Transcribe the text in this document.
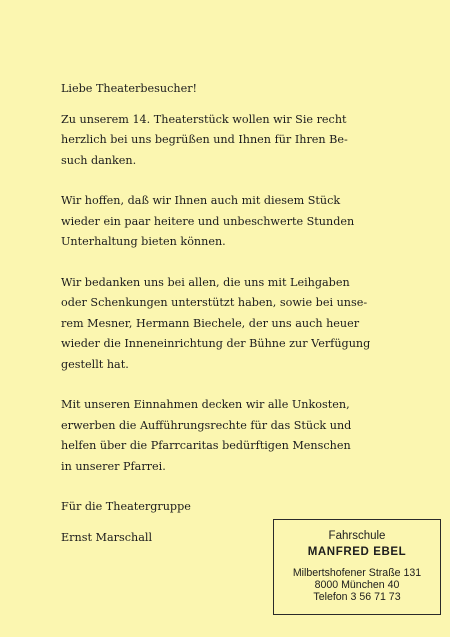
Liebe Theaterbesucher!

Zu unserem 14. Theaterstück wollen wir Sie recht

herzlich bei uns begrüßen und Ihnen für Ihren Be-

such danken.

Wir hoffen, daß wir Ihnen auch mit diesem Stück

wieder ein paar heitere und unbeschwerte Stunden

Unterhaltung bieten können.

Wir bedanken uns bei allen, die uns mit Leihgaben

oder Schenkungen unterstützt haben, sowie bei unse-

rem Mesner, Hermann Biechele, der uns auch heuer

wieder die Inneneinrichtung der Bühne zur Verfügung

gestellt hat.

Mit unseren Einnahmen decken wir alle Unkosten,

erwerben die Aufführungsrechte für das Stück und

helfen über die Pfarrcaritas bedürftigen Menschen

in unserer Pfarrei.

Für die Theatergruppe

Ernst Marschall	Fahrschule
MANFRED EBEL
Milbertshofener Straße 131
8000 München 40
Telefon 3 56 71 73
